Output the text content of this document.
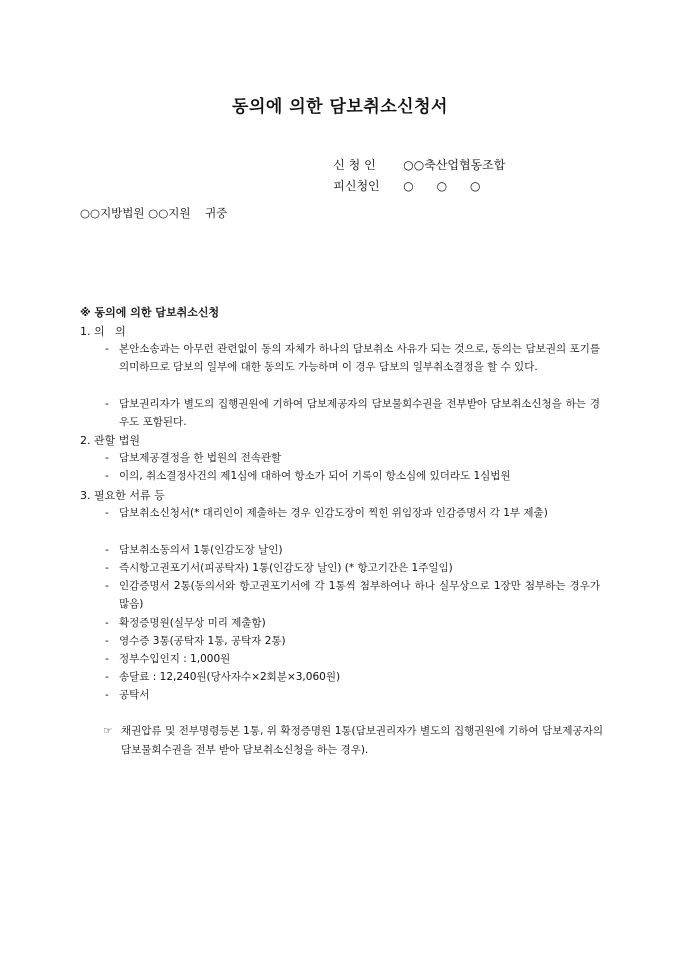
동의에 의한 담보취소신청서

신 청 인 ○○축산업협동조합

피신청인 ○      ○      ○

○○지방법원 ○○지원    귀중
※ 동의에 의한 담보취소신청
1. 의   의
- 본안소송과는 아무런 관련없이 동의 자체가 하나의 담보취소 사유가 되는 것으로, 동의는 담보권의 포기를 의미하므로 담보의 일부에 대한 동의도 가능하며 이 경우 담보의 일부취소결정을 할 수 있다.
- 담보권리자가 별도의 집행권원에 기하여 담보제공자의 담보물회수권을 전부받아 담보취소신청을 하는 경우도 포함된다.
2. 관할 법원
- 담보제공결정을 한 법원의 전속관할
- 이의, 취소결정사건의 제1심에 대하여 항소가 되어 기록이 항소심에 있더라도 1심법원
3. 필요한 서류 등
- 담보취소신청서(* 대리인이 제출하는 경우 인감도장이 찍힌 위임장과 인감증명서 각 1부 제출)
- 담보취소동의서 1통(인감도장 날인)
- 즉시항고권포기서(피공탁자) 1통(인감도장 날인) (* 항고기간은 1주일임)
- 인감증명서 2통(동의서와 항고권포기서에 각 1통씩 첨부하여나 하나 실무상으로 1장만 첨부하는 경우가 많음)
- 확정증명원(실무상 미리 제출함)
- 영수증 3통(공탁자 1통, 공탁자 2통)
- 정부수입인지 : 1,000원
- 송달료 : 12,240원(당사자수×2회분×3,060원)
- 공탁서
☞ 채권압류 및 전부명령등본 1통, 위 확정증명원 1통(담보권리자가 별도의 집행권원에 기하여 담보제공자의 담보물회수권을 전부 받아 담보취소신청을 하는 경우).
